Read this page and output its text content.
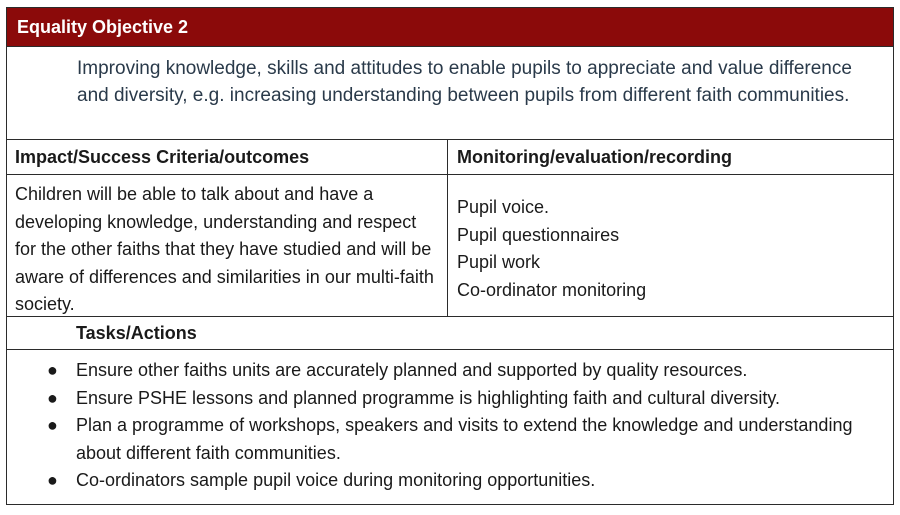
Equality Objective 2
Improving knowledge, skills and attitudes to enable pupils to appreciate and value difference and diversity, e.g. increasing understanding between pupils from different faith communities.
Impact/Success Criteria/outcomes	Monitoring/evaluation/recording
Children will be able to talk about and have a developing knowledge, understanding and respect for the other faiths that they have studied and will be aware of differences and similarities in our multi-faith society.
Pupil voice.
Pupil questionnaires
Pupil work
Co-ordinator monitoring
Tasks/Actions
● Ensure other faiths units are accurately planned and supported by quality resources.
● Ensure PSHE lessons and planned programme is highlighting faith and cultural diversity.
● Plan a programme of workshops, speakers and visits to extend the knowledge and understanding about different faith communities.
● Co-ordinators sample pupil voice during monitoring opportunities.
